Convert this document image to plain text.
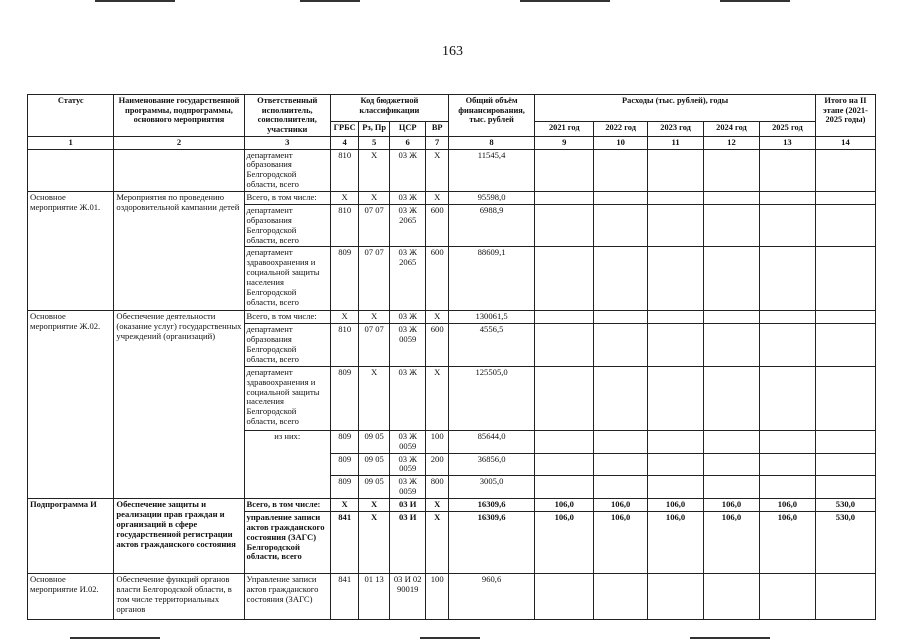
163
Статус	Наименование государственной программы, подпрограммы, основного мероприятия	Ответственный исполнитель, соисполнители, участники	Код бюджетной классификации				Общий объём финансирования, тыс. рублей	Расходы (тыс. рублей), годы					Итого на II этапе (2021-2025 годы)
			ГРБС	Рз, Пр	ЦСР	ВР		2021 год	2022 год	2023 год	2024 год	2025 год	
1	2	3	4	5	6	7	8	9	10	11	12	13	14
		департамент образования Белгородской области, всего	810	Х	03 Ж	Х	11545,4						
Основное мероприятие Ж.01.	Мероприятия по проведению оздоровительной кампании детей	Всего, в том числе:	Х	Х	03 Ж	Х	95598,0						
		департамент образования Белгородской области, всего	810	07 07	03 Ж 2065	600	6988,9						
		департамент здравоохранения и социальной защиты населения Белгородской области, всего	809	07 07	03 Ж 2065	600	88609,1						
Основное мероприятие Ж.02.	Обеспечение деятельности (оказание услуг) государственных учреждений (организаций)	Всего, в том числе:	Х	Х	03 Ж	Х	130061,5						
		департамент образования Белгородской области, всего	810	07 07	03 Ж 0059	600	4556,5						
		департамент здравоохранения и социальной защиты населения Белгородской области, всего	809	Х	03 Ж	Х	125505,0						
		из них:	809	09 05	03 Ж 0059	100	85644,0						
			809	09 05	03 Ж 0059	200	36856,0						
			809	09 05	03 Ж 0059	800	3005,0						
Подпрограмма И	Обеспечение защиты и реализации прав граждан и организаций в сфере государственной регистрации актов гражданского состояния	Всего, в том числе:	Х	Х	03 И	Х	16309,6	106,0	106,0	106,0	106,0	106,0	530,0
		управление записи актов гражданского состояния (ЗАГС) Белгородской области, всего	841	Х	03 И	Х	16309,6	106,0	106,0	106,0	106,0	106,0	530,0
Основное мероприятие И.02.	Обеспечение функций органов власти Белгородской области, в том числе территориальных органов	Управление записи актов гражданского состояния (ЗАГС)	841	01 13	03 И 02 90019	100	960,6						
